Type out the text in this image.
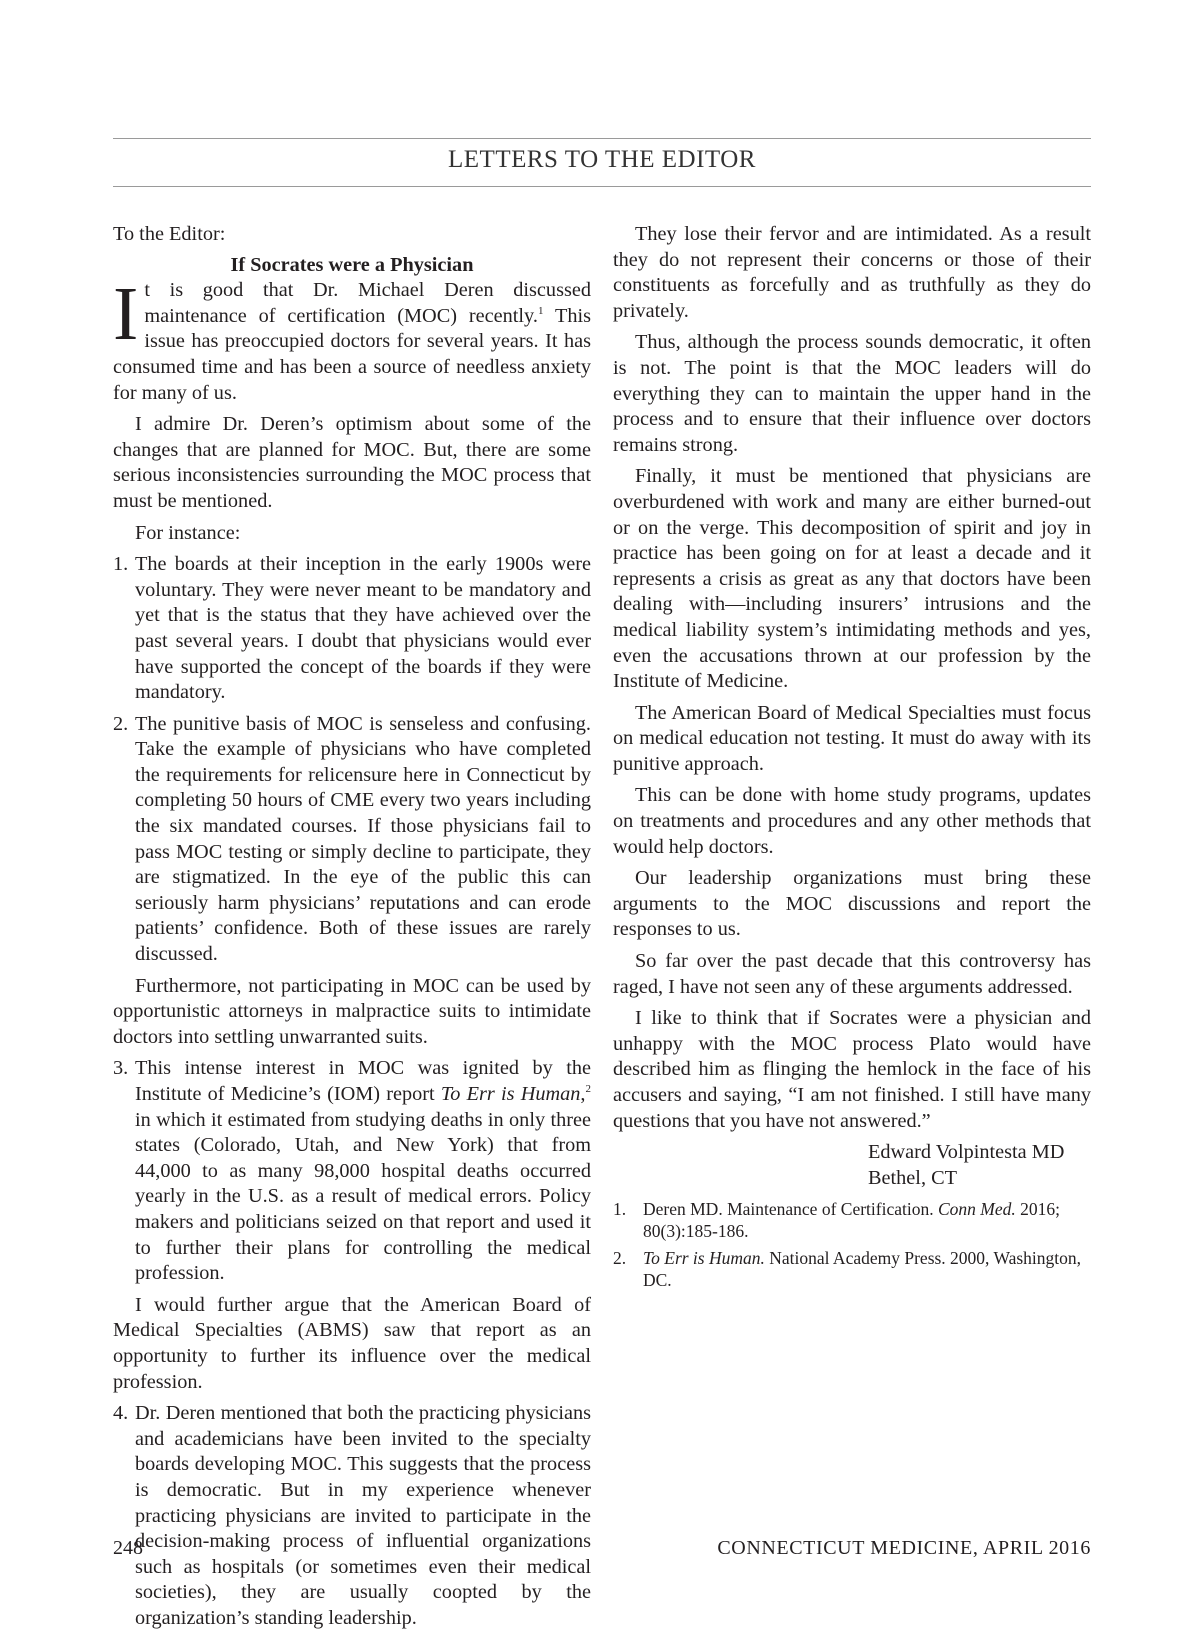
LETTERS TO THE EDITOR
To the Editor:
If Socrates were a Physician

It is good that Dr. Michael Deren discussed maintenance of certification (MOC) recently.$^1$ This issue has preoccupied doctors for several years. It has consumed time and has been a source of needless anxiety for many of us.

I admire Dr. Deren’s optimism about some of the changes that are planned for MOC. But, there are some serious inconsistencies surrounding the MOC process that must be mentioned.

For instance:

1. The boards at their inception in the early 1900s were voluntary. They were never meant to be mandatory and yet that is the status that they have achieved over the past several years. I doubt that physicians would ever have supported the concept of the boards if they were mandatory.
2. The punitive basis of MOC is senseless and confusing. Take the example of physicians who have completed the requirements for relicensure here in Connecticut by completing 50 hours of CME every two years including the six mandated courses. If those physicians fail to pass MOC testing or simply decline to participate, they are stigmatized. In the eye of the public this can seriously harm physicians’ reputations and can erode patients’ confidence. Both of these issues are rarely discussed.

Furthermore, not participating in MOC can be used by opportunistic attorneys in malpractice suits to intimidate doctors into settling unwarranted suits.

3. This intense interest in MOC was ignited by the Institute of Medicine’s (IOM) report To Err is Human,$^2$ in which it estimated from studying deaths in only three states (Colorado, Utah, and New York) that from 44,000 to as many 98,000 hospital deaths occurred yearly in the U.S. as a result of medical errors. Policy makers and politicians seized on that report and used it to further their plans for controlling the medical profession.

I would further argue that the American Board of Medical Specialties (ABMS) saw that report as an opportunity to further its influence over the medical profession.

4. Dr. Deren mentioned that both the practicing physicians and academicians have been invited to the specialty boards developing MOC. This suggests that the process is democratic. But in my experience whenever practicing physicians are invited to participate in the decision-making process of influential organizations such as hospitals (or sometimes even their medical societies), they are usually coopted by the organization’s standing leadership.

They lose their fervor and are intimidated. As a result they do not represent their concerns or those of their constituents as forcefully and as truthfully as they do privately.

Thus, although the process sounds democratic, it often is not. The point is that the MOC leaders will do everything they can to maintain the upper hand in the process and to ensure that their influence over doctors remains strong.

Finally, it must be mentioned that physicians are overburdened with work and many are either burned-out or on the verge. This decomposition of spirit and joy in practice has been going on for at least a decade and it represents a crisis as great as any that doctors have been dealing with—including insurers’ intrusions and the medical liability system’s intimidating methods and yes, even the accusations thrown at our profession by the Institute of Medicine.

The American Board of Medical Specialties must focus on medical education not testing. It must do away with its punitive approach.

This can be done with home study programs, updates on treatments and procedures and any other methods that would help doctors.

Our leadership organizations must bring these arguments to the MOC discussions and report the responses to us.

So far over the past decade that this controversy has raged, I have not seen any of these arguments addressed.

I like to think that if Socrates were a physician and unhappy with the MOC process Plato would have described him as flinging the hemlock in the face of his accusers and saying, “I am not finished. I still have many questions that you have not answered.”

Edward Volpintesta MD
Bethel, CT
1. Deren MD. Maintenance of Certification. Conn Med. 2016; 80(3):185-186.
2. To Err is Human. National Academy Press. 2000, Washington, DC.
248	CONNECTICUT MEDICINE, APRIL 2016
